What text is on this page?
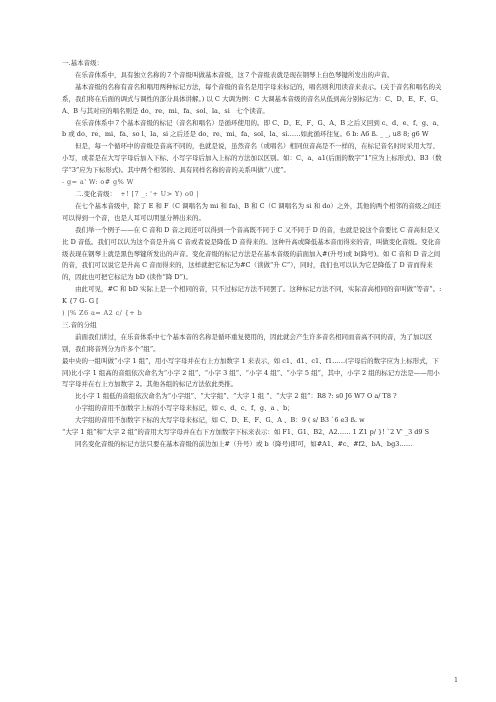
一.基本音级：

在乐音体系中，具有独立名称的７个音级叫做基本音级，这７个音级表就是现在钢琴上白色琴键所发出的声音。

基本音级的名称有音名和唱用两种标记方法，每个音级的音名是用字母来标记的，唱名则利用读音来表示。(关于音名和唱名的关系，我们将在后面的调式与调性的部分具体讲解。) 以 C 大调为例：C 大调基本音级的音名从低到高分别标记为：C、D、E、F、G、A、B 与其对应的唱名则是 do、re、mi、fa、sol、la、si　七个读音。

在乐音体系中７个基本音级的标记（音名和唱名）是循环使用的。即 C、D、E、F、G、A、B 之后又回到 c、d、e、f、g、a、b 或 do、re、mi、fa、so l、la、si 之后还是 do、re、mi、fa、sol、la、si……如此循环往复。6 b: A6 ß. _ _, u8 8; g6 W

但是，每一个循环中的音级是音高不同的，也就是说，虽然音名（或唱名）相同但音高是不一样的，在标记音名时时采用大写、小写，或者是在大写字母后加入下标、小写字母后加入上标的方法加以区别。如：C、a、a1(后面的数字“1”应为上标形式)、B3（数字“3”应为下标形式)。其中两个相邻的、具有同样名称的音的关系叫做“八度”。

- g= a' W: o# g% W

二.变化音级： +! [7 _: '+ U> Y) o0 |

在七个基本音级中，除了 E 和 F（C 调唱名为 mi 和 fa)、B 和 C（C 调唱名为 si 和 do）之外，其他的两个相邻的音级之间还可以得到一个音，也是人耳可以明显分辨出来的。

我们举一个例子——在 C 音和 D 音之间还可以得到一个音高既不同于 C 又不同于 D 的音，也就是说这个音要比 C 音高但是又比 D 音低。我们可以认为这个音是升高 C 音或者说是降低 D 音得来的。这种升高或降低基本音而得来的音，叫做变化音级。变化音级表现在钢琴上就是黑色琴键所发出的声音。变化音级的标记方法是在基本音级的前面加入#(升号)或 b(降号)。如 C 音和 D 音之间的音，我们可以说它是升高 C 音而得来的，这样就把它标记为#C（读做“升 C”），同时，我们也可以认为它是降低了 D 音而得来的，因此也可把它标记为 bD (读作“降 D”)。

由此可见，#C 和 bD 实际上是一个相同的音，只不过标记方法不同罢了。这种标记方法不同，实际音高相同的音叫做“等音”。: K {7 G- G [

) |% Z6 a= A2 c/ {+ b

三.音的分组

前面我们讲过，在乐音体系中七个基本音的名称是循环重复使用的，因此就会产生许多音名相同而音高不同的音，为了加以区别，我们将音列分为许多个“组”。

最中央的一组叫做“小字 1 组”，用小写字母并在右上方加数字 1 来表示，如 c1、d1、c1、f1……(字母后的数字应为上标形式，下同)比小字 1 组高的音组依次命名为“小字 2 组”、“小字 3 组”、“小字 4 组”、“小字 5 组”，其中，小字 2 组的标记方法是——用小写字母并在右上方加数字 2。其他各组的标记方法依此类推。

比小字 1 组低的音组依次命名为“小字组”、“大字组”、“大字 1 组 ”、“大字 2 组”：R8 ?: s0 J6 W7 O a/ T8 ?

小字组的音用不加数字上标的小写字母来标记，如 c、d、c、f、g、a 、b；

大字组的音用不加数字下标的大写字母来标记，如 C、D、E、F、G、A 、B：9 ( s/ B3 `6 e3 ß. w

“大字 1 组”和“大字 2 组”的音用大写字母并在右下方加数字下标来表示：如 F1、G1、B2、A2…… 1 Z1 p/ }! `2 V' _3 d9 S

同名变化音级的标记方法只要在基本音级的前边加上#（升号）或 b（降号)即可，如#A1、#c、#f2、bA、bg3……

1
